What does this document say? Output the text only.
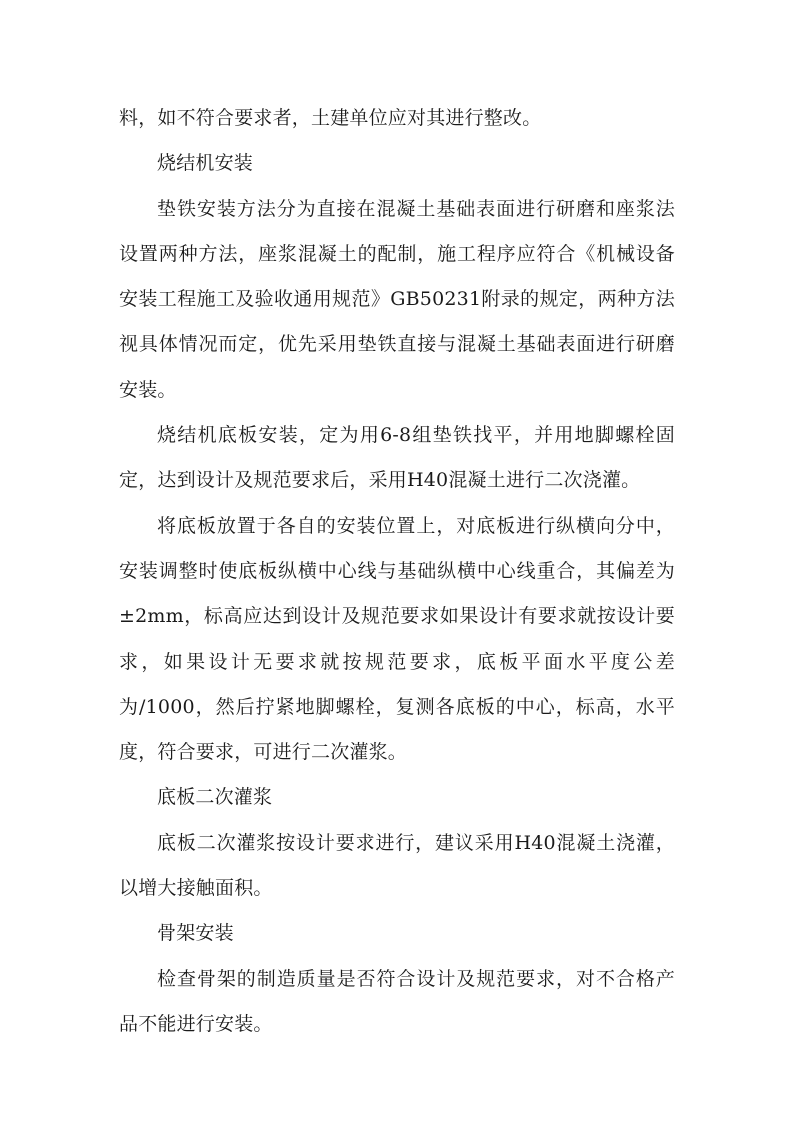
料，如不符合要求者，土建单位应对其进行整改。

烧结机安装

垫铁安装方法分为直接在混凝土基础表面进行研磨和座浆法设置两种方法，座浆混凝土的配制，施工程序应符合《机械设备安装工程施工及验收通用规范》GB50231附录的规定，两种方法视具体情况而定，优先采用垫铁直接与混凝土基础表面进行研磨安装。

烧结机底板安装，定为用6-8组垫铁找平，并用地脚螺栓固定，达到设计及规范要求后，采用H40混凝土进行二次浇灌。

将底板放置于各自的安装位置上，对底板进行纵横向分中，安装调整时使底板纵横中心线与基础纵横中心线重合，其偏差为±2mm，标高应达到设计及规范要求如果设计有要求就按设计要求，如果设计无要求就按规范要求，底板平面水平度公差为/1000，然后拧紧地脚螺栓，复测各底板的中心，标高，水平度，符合要求，可进行二次灌浆。

底板二次灌浆

底板二次灌浆按设计要求进行，建议采用H40混凝土浇灌，以增大接触面积。

骨架安装

检查骨架的制造质量是否符合设计及规范要求，对不合格产品不能进行安装。
